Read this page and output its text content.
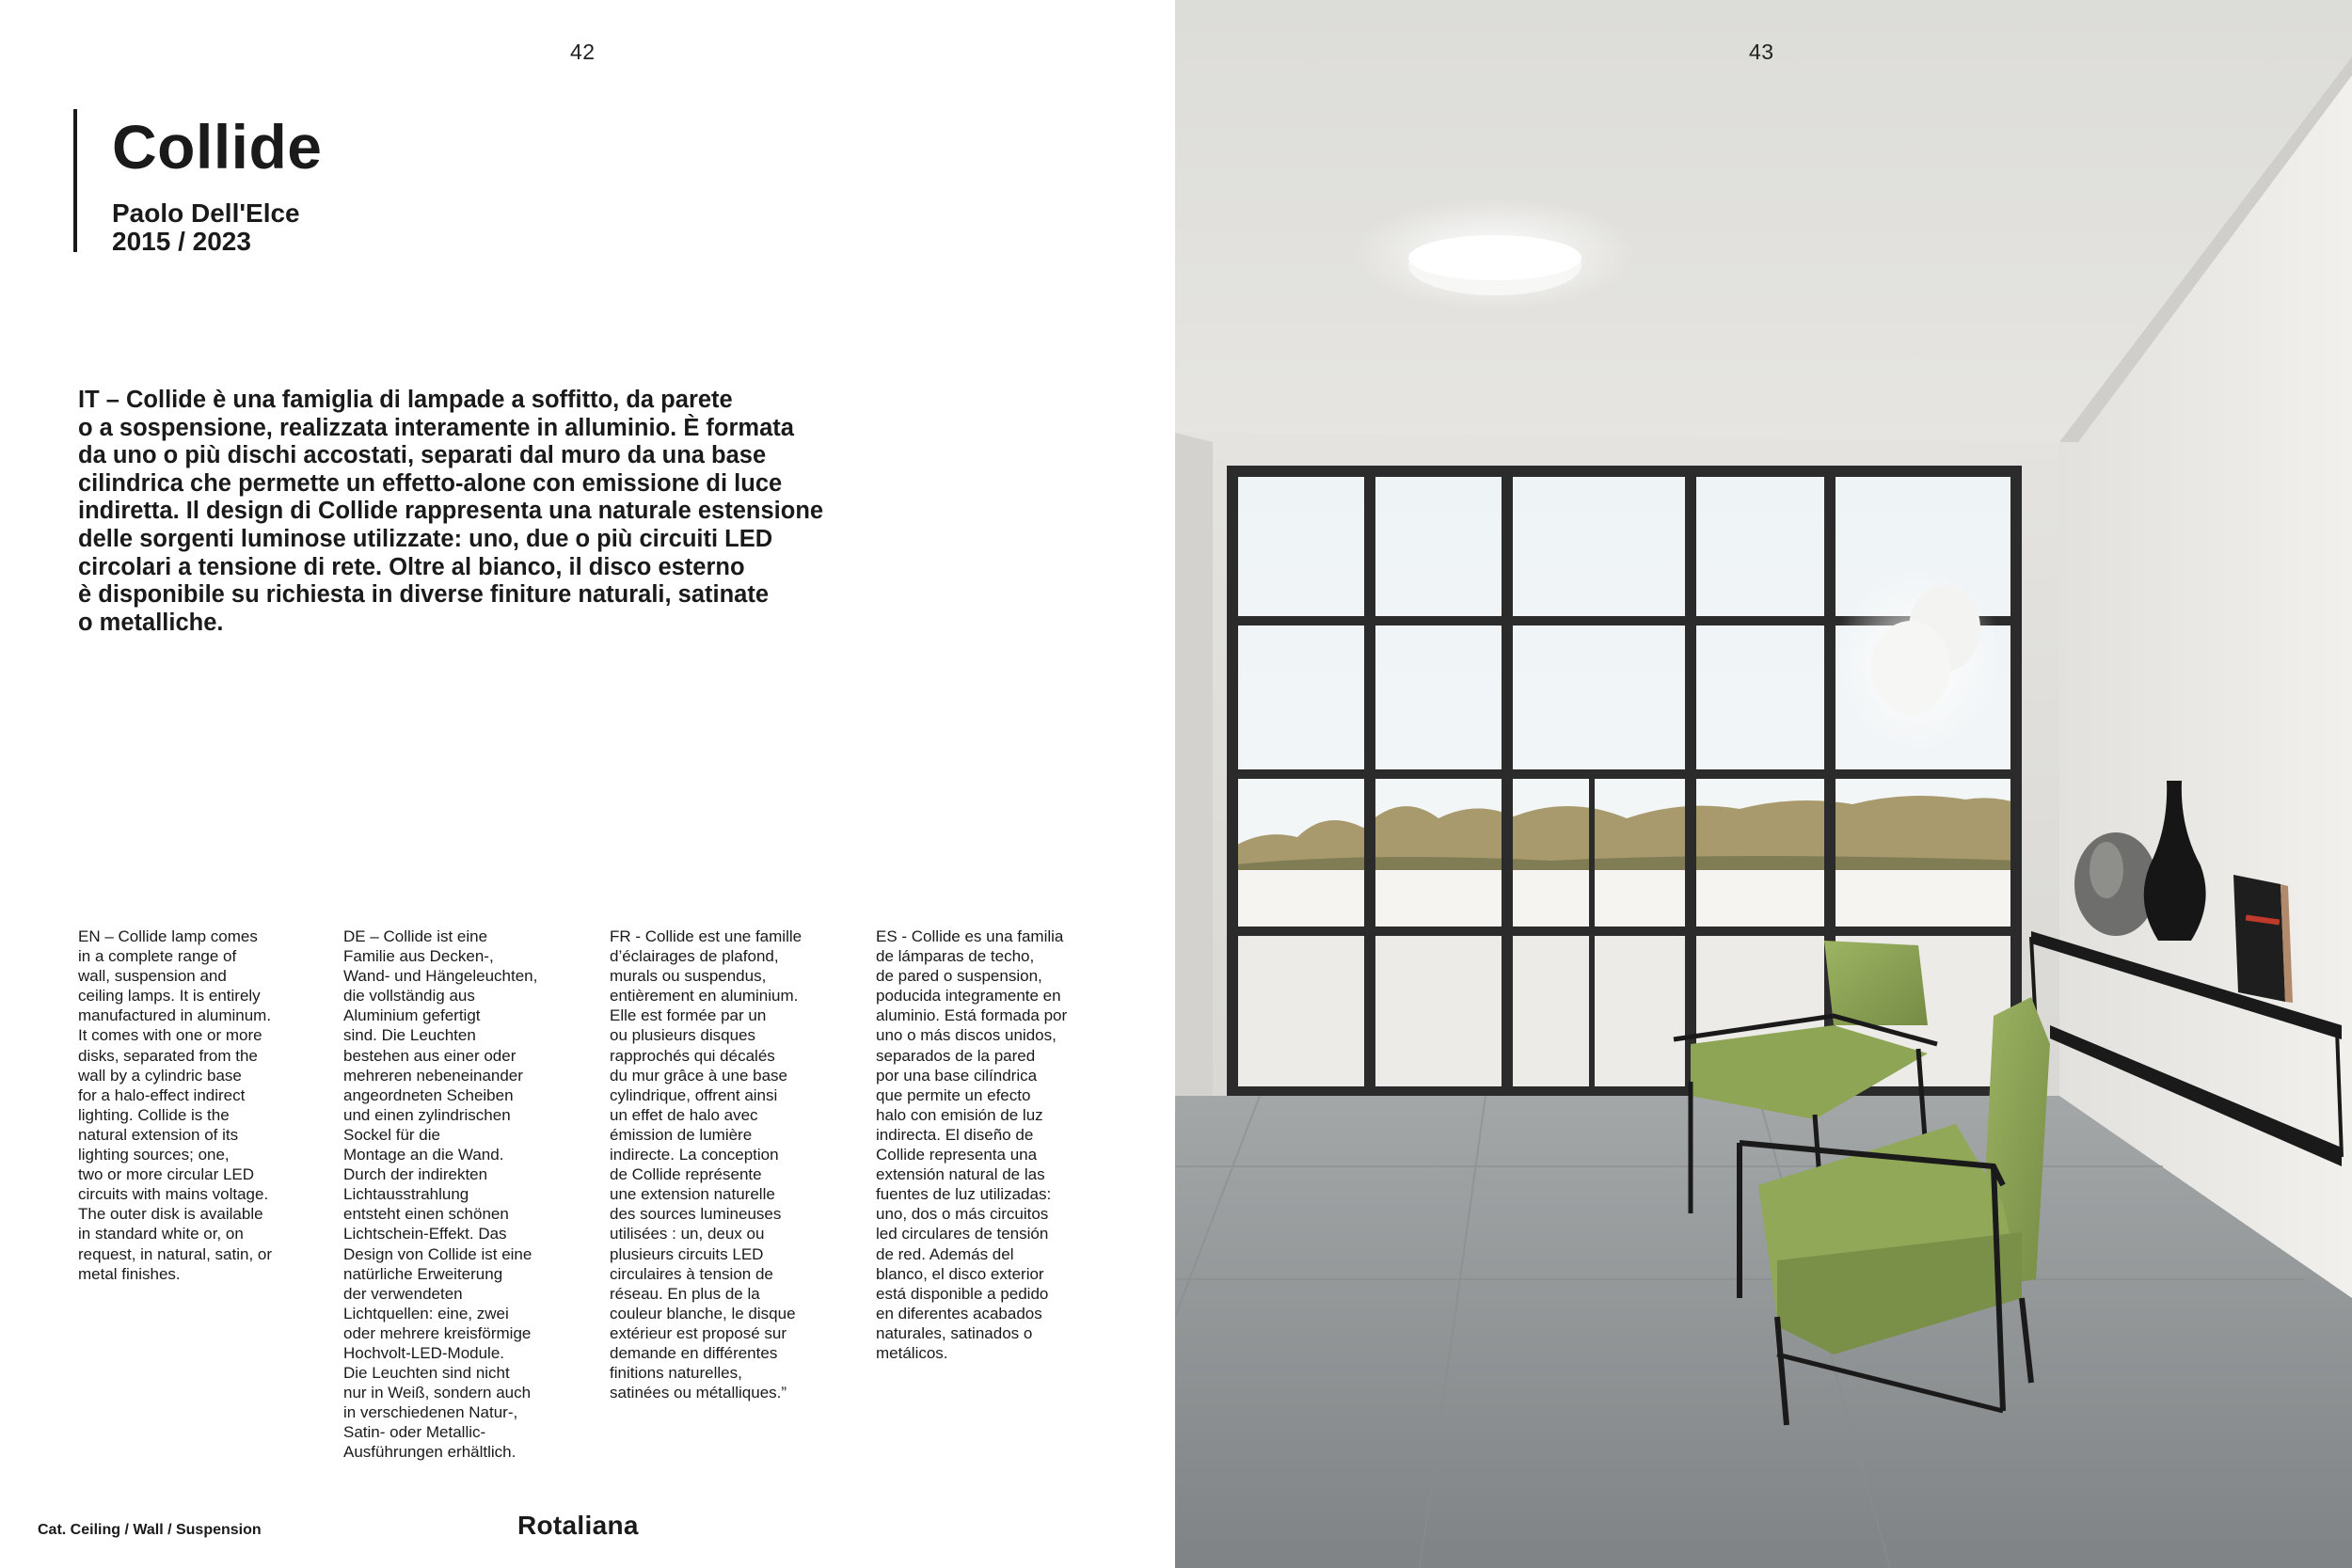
42
Collide
Paolo Dell'Elce
2015 / 2023
IT – Collide è una famiglia di lampade a soffitto, da parete
o a sospensione, realizzata interamente in alluminio. È formata
da uno o più dischi accostati, separati dal muro da una base
cilindrica che permette un effetto-alone con emissione di luce
indiretta. Il design di Collide rappresenta una naturale estensione
delle sorgenti luminose utilizzate: uno, due o più circuiti LED
circolari a tensione di rete. Oltre al bianco, il disco esterno
è disponibile su richiesta in diverse finiture naturali, satinate
o metalliche.
EN – Collide lamp comes
in a complete range of
wall, suspension and
ceiling lamps. It is entirely
manufactured in aluminum.
It comes with one or more
disks, separated from the
wall by a cylindric base
for a halo-effect indirect
lighting. Collide is the
natural extension of its
lighting sources; one,
two or more circular LED
circuits with mains voltage.
The outer disk is available
in standard white or, on
request, in natural, satin, or
metal finishes.
DE – Collide ist eine
Familie aus Decken-,
Wand- und Hängeleuchten,
die vollständig aus
Aluminium gefertigt
sind. Die Leuchten
bestehen aus einer oder
mehreren nebeneinander
angeordneten Scheiben
und einen zylindrischen
Sockel für die
Montage an die Wand.
Durch der indirekten
Lichtausstrahlung
entsteht einen schönen
Lichtschein-Effekt. Das
Design von Collide ist eine
natürliche Erweiterung
der verwendeten
Lichtquellen: eine, zwei
oder mehrere kreisförmige
Hochvolt-LED-Module.
Die Leuchten sind nicht
nur in Weiß, sondern auch
in verschiedenen Natur-,
Satin- oder Metallic-
Ausführungen erhältlich.
FR - Collide est une famille
d’éclairages de plafond,
murals ou suspendus,
entièrement en aluminium.
Elle est formée par un
ou plusieurs disques
rapprochés qui décalés
du mur grâce à une base
cylindrique, offrent ainsi
un effet de halo avec
émission de lumière
indirecte. La conception
de Collide représente
une extension naturelle
des sources lumineuses
utilisées : un, deux ou
plusieurs circuits LED
circulaires à tension de
réseau. En plus de la
couleur blanche, le disque
extérieur est proposé sur
demande en différentes
finitions naturelles,
satinées ou métalliques.”
ES - Collide es una familia
de lámparas de techo,
de pared o suspension,
poducida integramente en
aluminio. Está formada por
uno o más discos unidos,
separados de la pared
por una base cilíndrica
que permite un efecto
halo con emisión de luz
indirecta. El diseño de
Collide representa una
extensión natural de las
fuentes de luz utilizadas:
uno, dos o más circuitos
led circulares de tensión
de red. Además del
blanco, el disco exterior
está disponible a pedido
en diferentes acabados
naturales, satinados o
metálicos.
Cat. Ceiling / Wall / Suspension	Rotaliana
43
